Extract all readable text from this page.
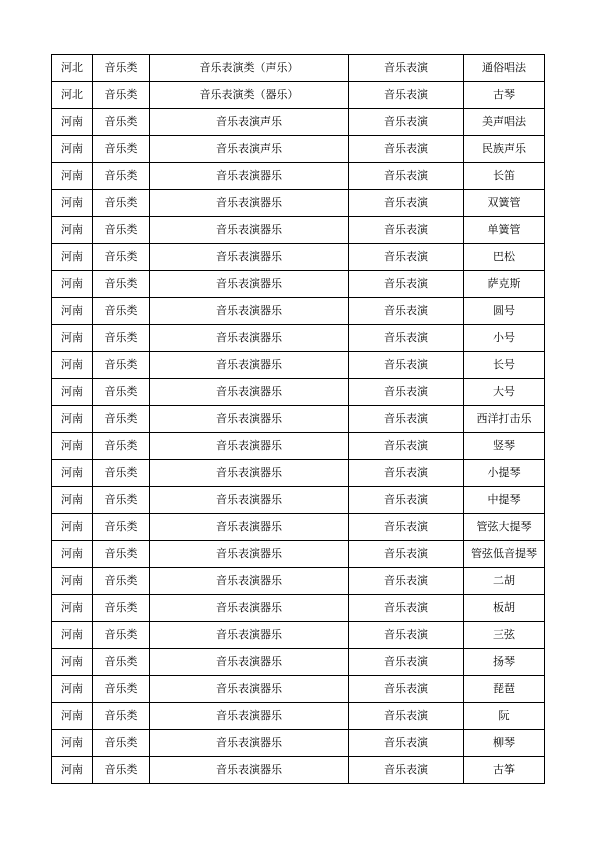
河北	音乐类	音乐表演类（声乐）	音乐表演	通俗唱法
河北	音乐类	音乐表演类（器乐）	音乐表演	古琴
河南	音乐类	音乐表演声乐	音乐表演	美声唱法
河南	音乐类	音乐表演声乐	音乐表演	民族声乐
河南	音乐类	音乐表演器乐	音乐表演	长笛
河南	音乐类	音乐表演器乐	音乐表演	双簧管
河南	音乐类	音乐表演器乐	音乐表演	单簧管
河南	音乐类	音乐表演器乐	音乐表演	巴松
河南	音乐类	音乐表演器乐	音乐表演	萨克斯
河南	音乐类	音乐表演器乐	音乐表演	圆号
河南	音乐类	音乐表演器乐	音乐表演	小号
河南	音乐类	音乐表演器乐	音乐表演	长号
河南	音乐类	音乐表演器乐	音乐表演	大号
河南	音乐类	音乐表演器乐	音乐表演	西洋打击乐
河南	音乐类	音乐表演器乐	音乐表演	竖琴
河南	音乐类	音乐表演器乐	音乐表演	小提琴
河南	音乐类	音乐表演器乐	音乐表演	中提琴
河南	音乐类	音乐表演器乐	音乐表演	管弦大提琴
河南	音乐类	音乐表演器乐	音乐表演	管弦低音提琴
河南	音乐类	音乐表演器乐	音乐表演	二胡
河南	音乐类	音乐表演器乐	音乐表演	板胡
河南	音乐类	音乐表演器乐	音乐表演	三弦
河南	音乐类	音乐表演器乐	音乐表演	扬琴
河南	音乐类	音乐表演器乐	音乐表演	琵琶
河南	音乐类	音乐表演器乐	音乐表演	阮
河南	音乐类	音乐表演器乐	音乐表演	柳琴
河南	音乐类	音乐表演器乐	音乐表演	古筝
